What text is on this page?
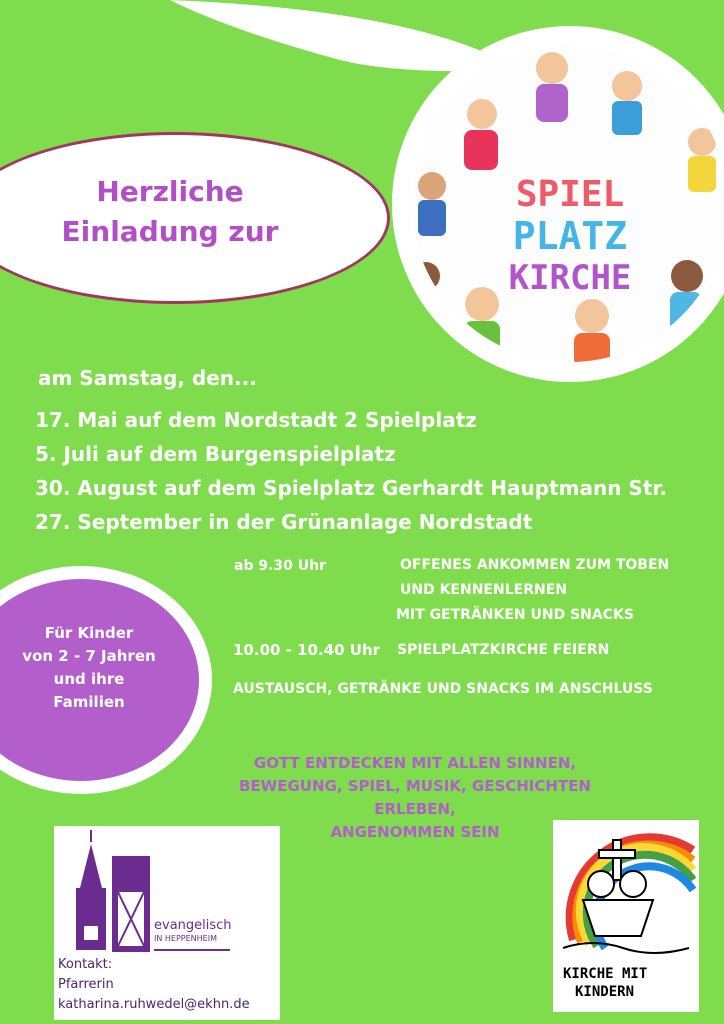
Herzliche
Einladung zur
SPIEL
PLATZ
KIRCHE
am Samstag, den...
17. Mai auf dem Nordstadt 2 Spielplatz
5. Juli auf dem Burgenspielplatz
30. August auf dem Spielplatz Gerhardt Hauptmann Str.
27. September in der Grünanlage Nordstadt
ab 9.30 Uhr	OFFENES ANKOMMEN ZUM TOBEN
UND KENNENLERNEN
MIT GETRÄNKEN UND SNACKS
10.00 - 10.40 Uhr SPIELPLATZKIRCHE FEIERN
AUSTAUSCH, GETRÄNKE UND SNACKS IM ANSCHLUSS
Für Kinder
von 2 - 7 Jahren
und ihre
Familien
GOTT ENTDECKEN MIT ALLEN SINNEN,
BEWEGUNG, SPIEL, MUSIK, GESCHICHTEN
ERLEBEN,
ANGENOMMEN SEIN
evangelisch
IN HEPPENHEIM
Kontakt:
Pfarrerin
katharina.ruhwedel@ekhn.de
KIRCHE MIT
KINDERN
